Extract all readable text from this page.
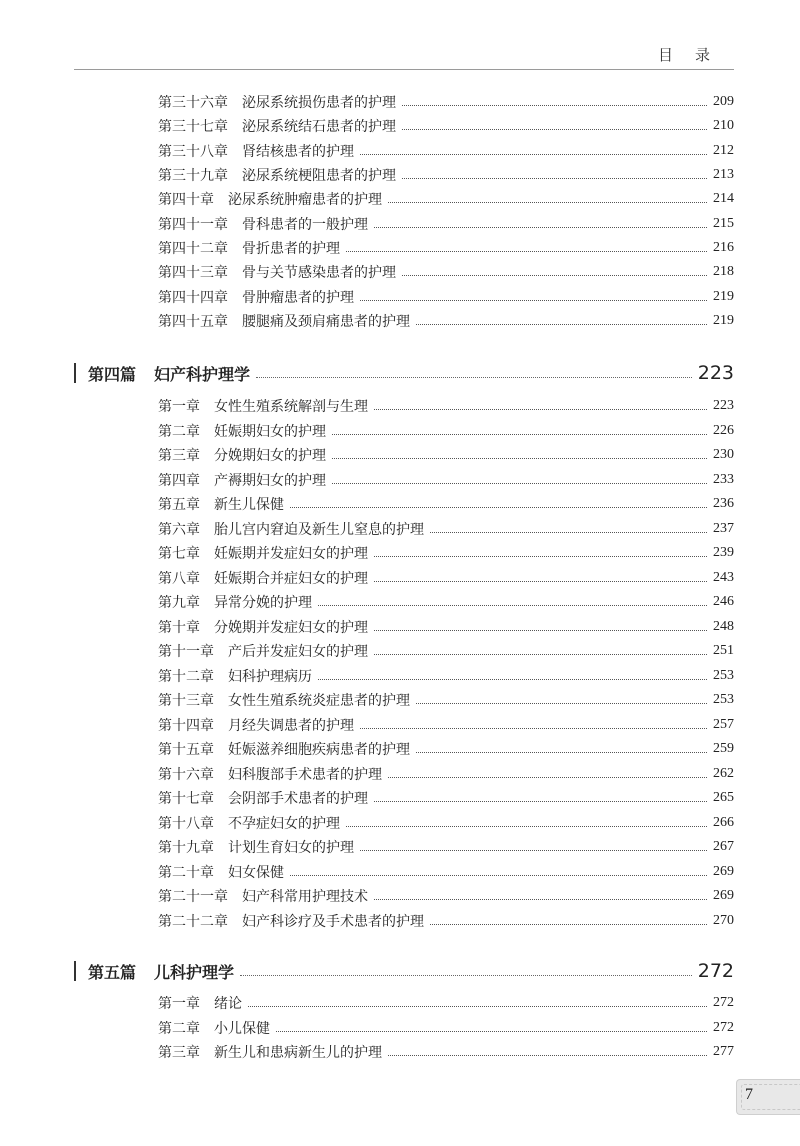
目录
第三十六章 泌尿系统损伤患者的护理	209
第三十七章 泌尿系统结石患者的护理	210
第三十八章 肾结核患者的护理	212
第三十九章 泌尿系统梗阻患者的护理	213
第四十章 泌尿系统肿瘤患者的护理	214
第四十一章 骨科患者的一般护理	215
第四十二章 骨折患者的护理	216
第四十三章 骨与关节感染患者的护理	218
第四十四章 骨肿瘤患者的护理	219
第四十五章 腰腿痛及颈肩痛患者的护理	219
第四篇 妇产科护理学	223
第一章 女性生殖系统解剖与生理	223
第二章 妊娠期妇女的护理	226
第三章 分娩期妇女的护理	230
第四章 产褥期妇女的护理	233
第五章 新生儿保健	236
第六章 胎儿宫内窘迫及新生儿窒息的护理	237
第七章 妊娠期并发症妇女的护理	239
第八章 妊娠期合并症妇女的护理	243
第九章 异常分娩的护理	246
第十章 分娩期并发症妇女的护理	248
第十一章 产后并发症妇女的护理	251
第十二章 妇科护理病历	253
第十三章 女性生殖系统炎症患者的护理	253
第十四章 月经失调患者的护理	257
第十五章 妊娠滋养细胞疾病患者的护理	259
第十六章 妇科腹部手术患者的护理	262
第十七章 会阴部手术患者的护理	265
第十八章 不孕症妇女的护理	266
第十九章 计划生育妇女的护理	267
第二十章 妇女保健	269
第二十一章 妇产科常用护理技术	269
第二十二章 妇产科诊疗及手术患者的护理	270
第五篇 儿科护理学	272
第一章 绪论	272
第二章 小儿保健	272
第三章 新生儿和患病新生儿的护理	277
7
